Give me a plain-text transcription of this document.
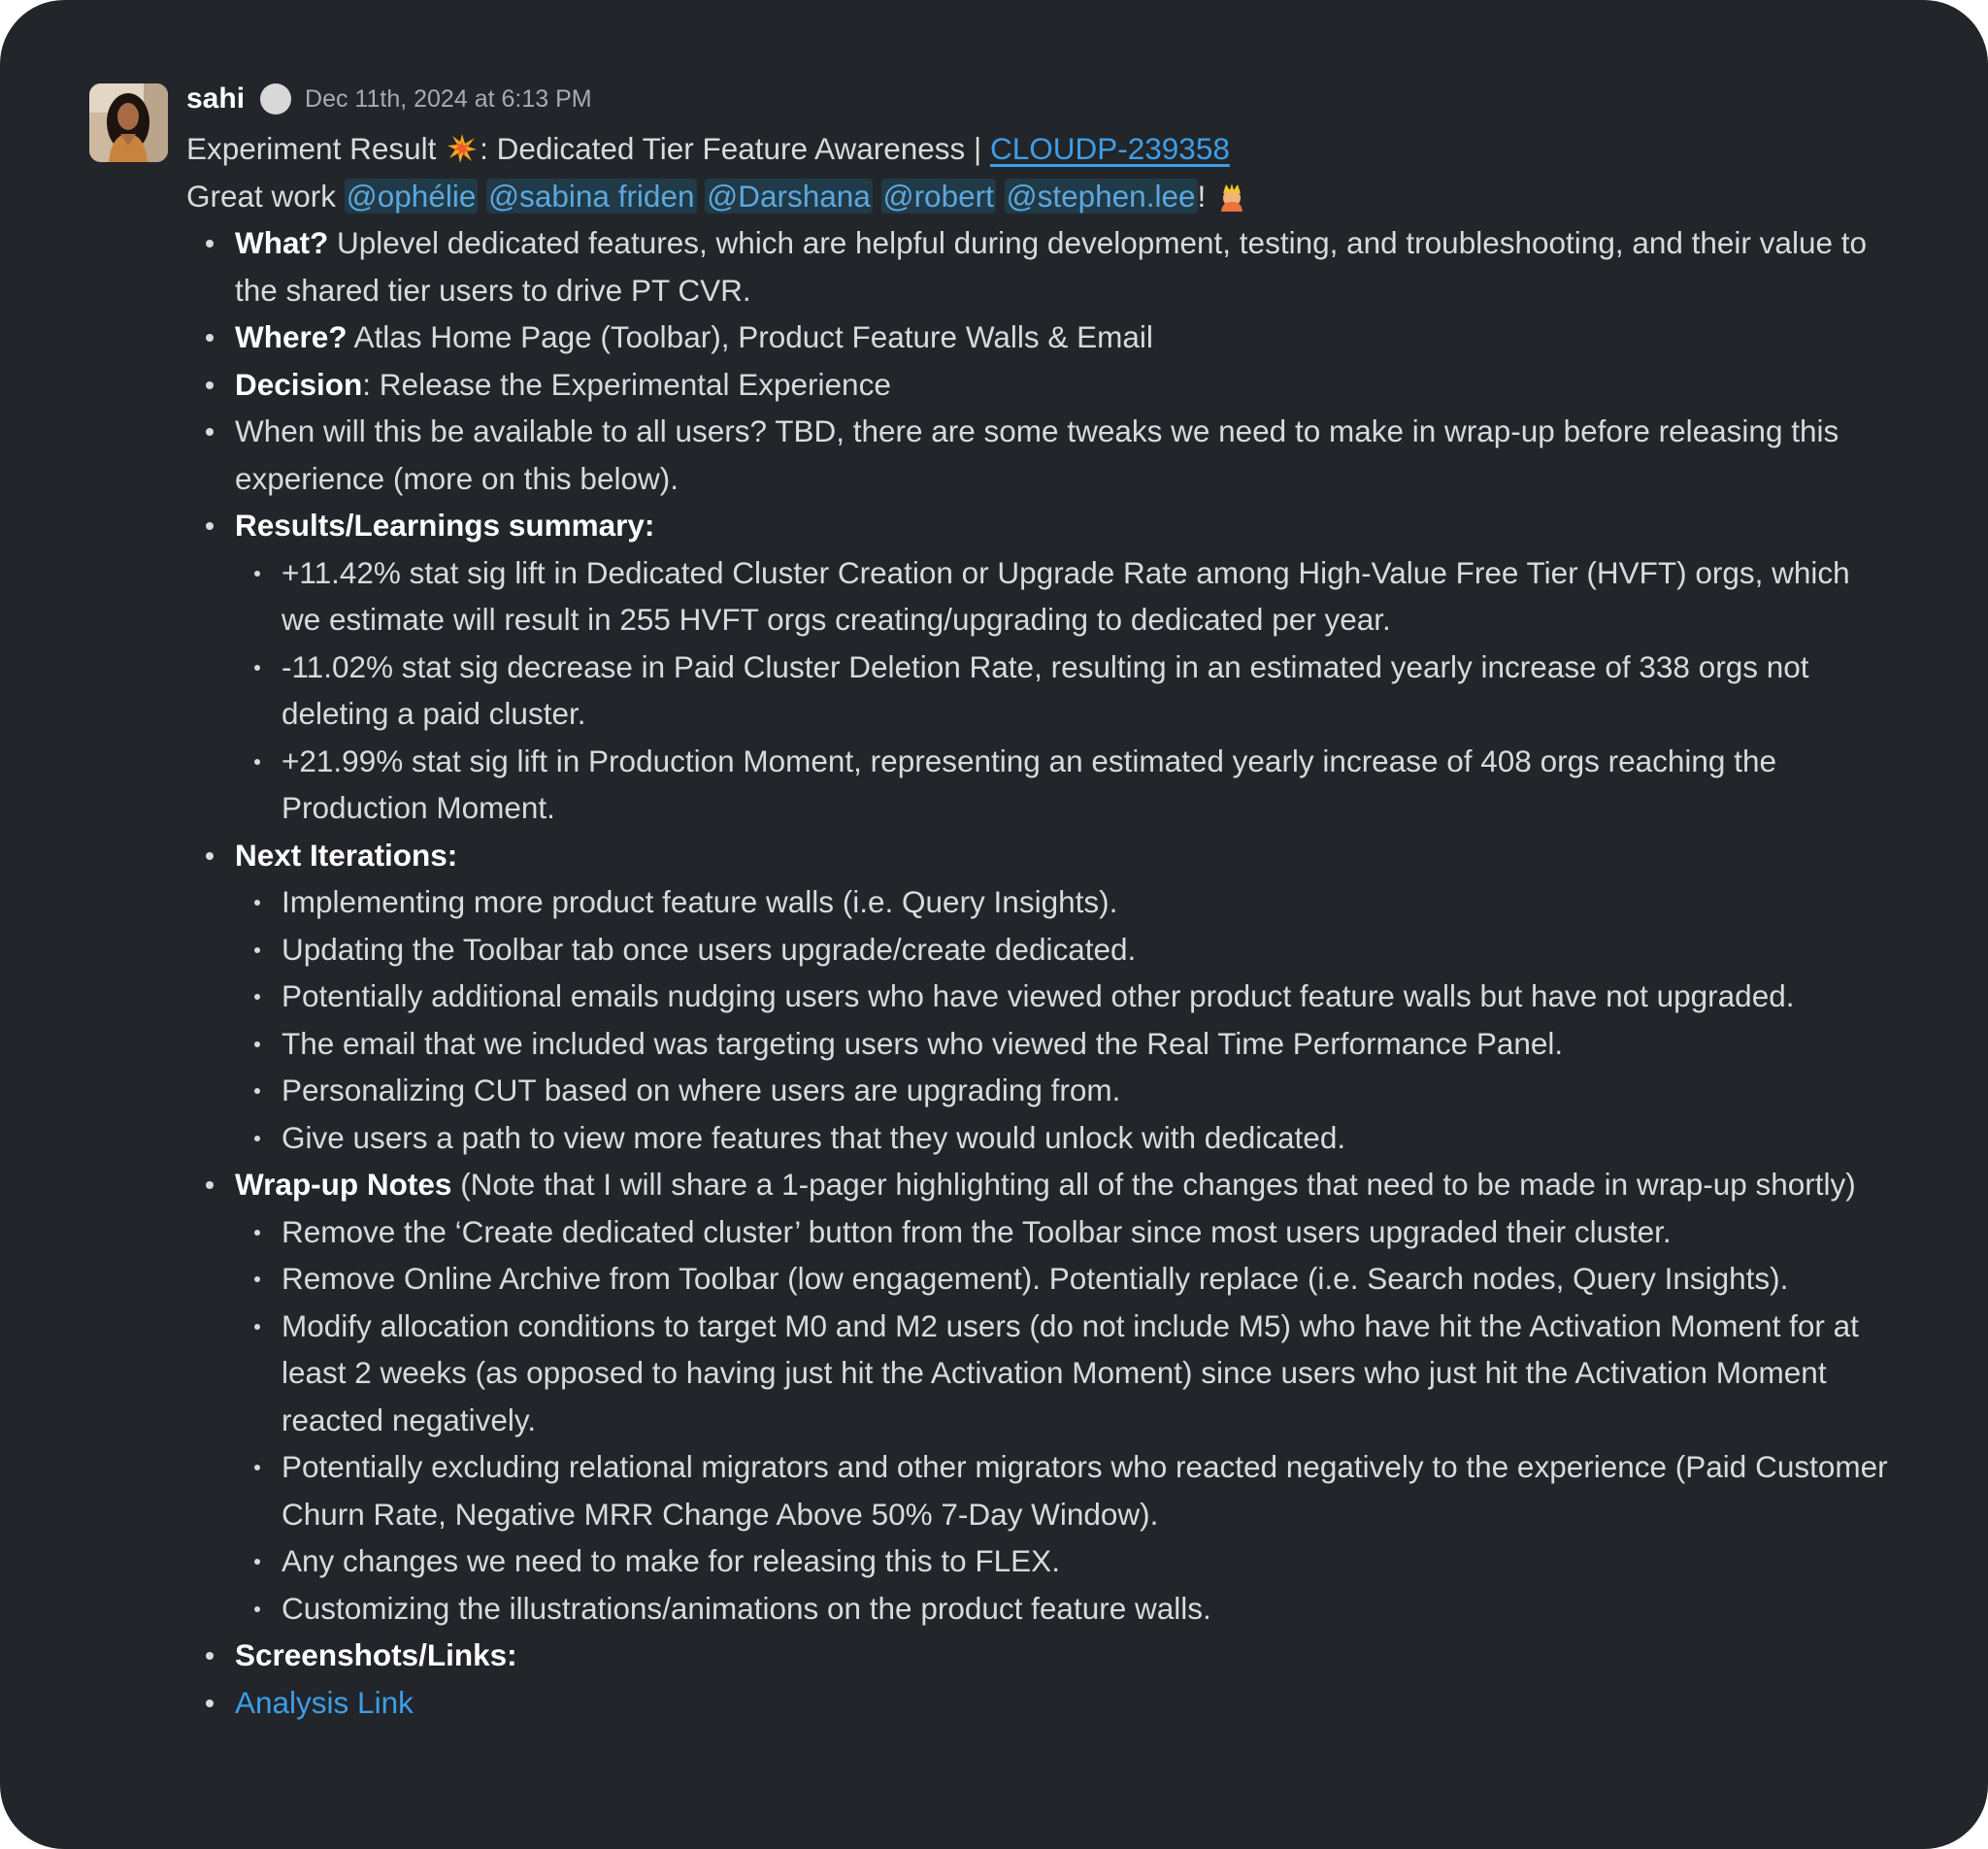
sahi Dec 11th, 2024 at 6:13 PM
Experiment Result : Dedicated Tier Feature Awareness | CLOUDP-239358
Great work @ophélie @sabina friden @Darshana @robert @stephen.lee!
What? Uplevel dedicated features, which are helpful during development, testing, and troubleshooting, and their value to the shared tier users to drive PT CVR.
Where? Atlas Home Page (Toolbar), Product Feature Walls & Email
Decision: Release the Experimental Experience
When will this be available to all users? TBD, there are some tweaks we need to make in wrap-up before releasing this experience (more on this below).
Results/Learnings summary:
+11.42% stat sig lift in Dedicated Cluster Creation or Upgrade Rate among High-Value Free Tier (HVFT) orgs, which we estimate will result in 255 HVFT orgs creating/upgrading to dedicated per year.
-11.02% stat sig decrease in Paid Cluster Deletion Rate, resulting in an estimated yearly increase of 338 orgs not deleting a paid cluster.
+21.99% stat sig lift in Production Moment, representing an estimated yearly increase of 408 orgs reaching the Production Moment.
Next Iterations:
Implementing more product feature walls (i.e. Query Insights).
Updating the Toolbar tab once users upgrade/create dedicated.
Potentially additional emails nudging users who have viewed other product feature walls but have not upgraded.
The email that we included was targeting users who viewed the Real Time Performance Panel.
Personalizing CUT based on where users are upgrading from.
Give users a path to view more features that they would unlock with dedicated.
Wrap-up Notes (Note that I will share a 1-pager highlighting all of the changes that need to be made in wrap-up shortly)
Remove the ‘Create dedicated cluster’ button from the Toolbar since most users upgraded their cluster.
Remove Online Archive from Toolbar (low engagement). Potentially replace (i.e. Search nodes, Query Insights).
Modify allocation conditions to target M0 and M2 users (do not include M5) who have hit the Activation Moment for at least 2 weeks (as opposed to having just hit the Activation Moment) since users who just hit the Activation Moment reacted negatively.
Potentially excluding relational migrators and other migrators who reacted negatively to the experience (Paid Customer Churn Rate, Negative MRR Change Above 50% 7-Day Window).
Any changes we need to make for releasing this to FLEX.
Customizing the illustrations/animations on the product feature walls.
Screenshots/Links:
Analysis Link
